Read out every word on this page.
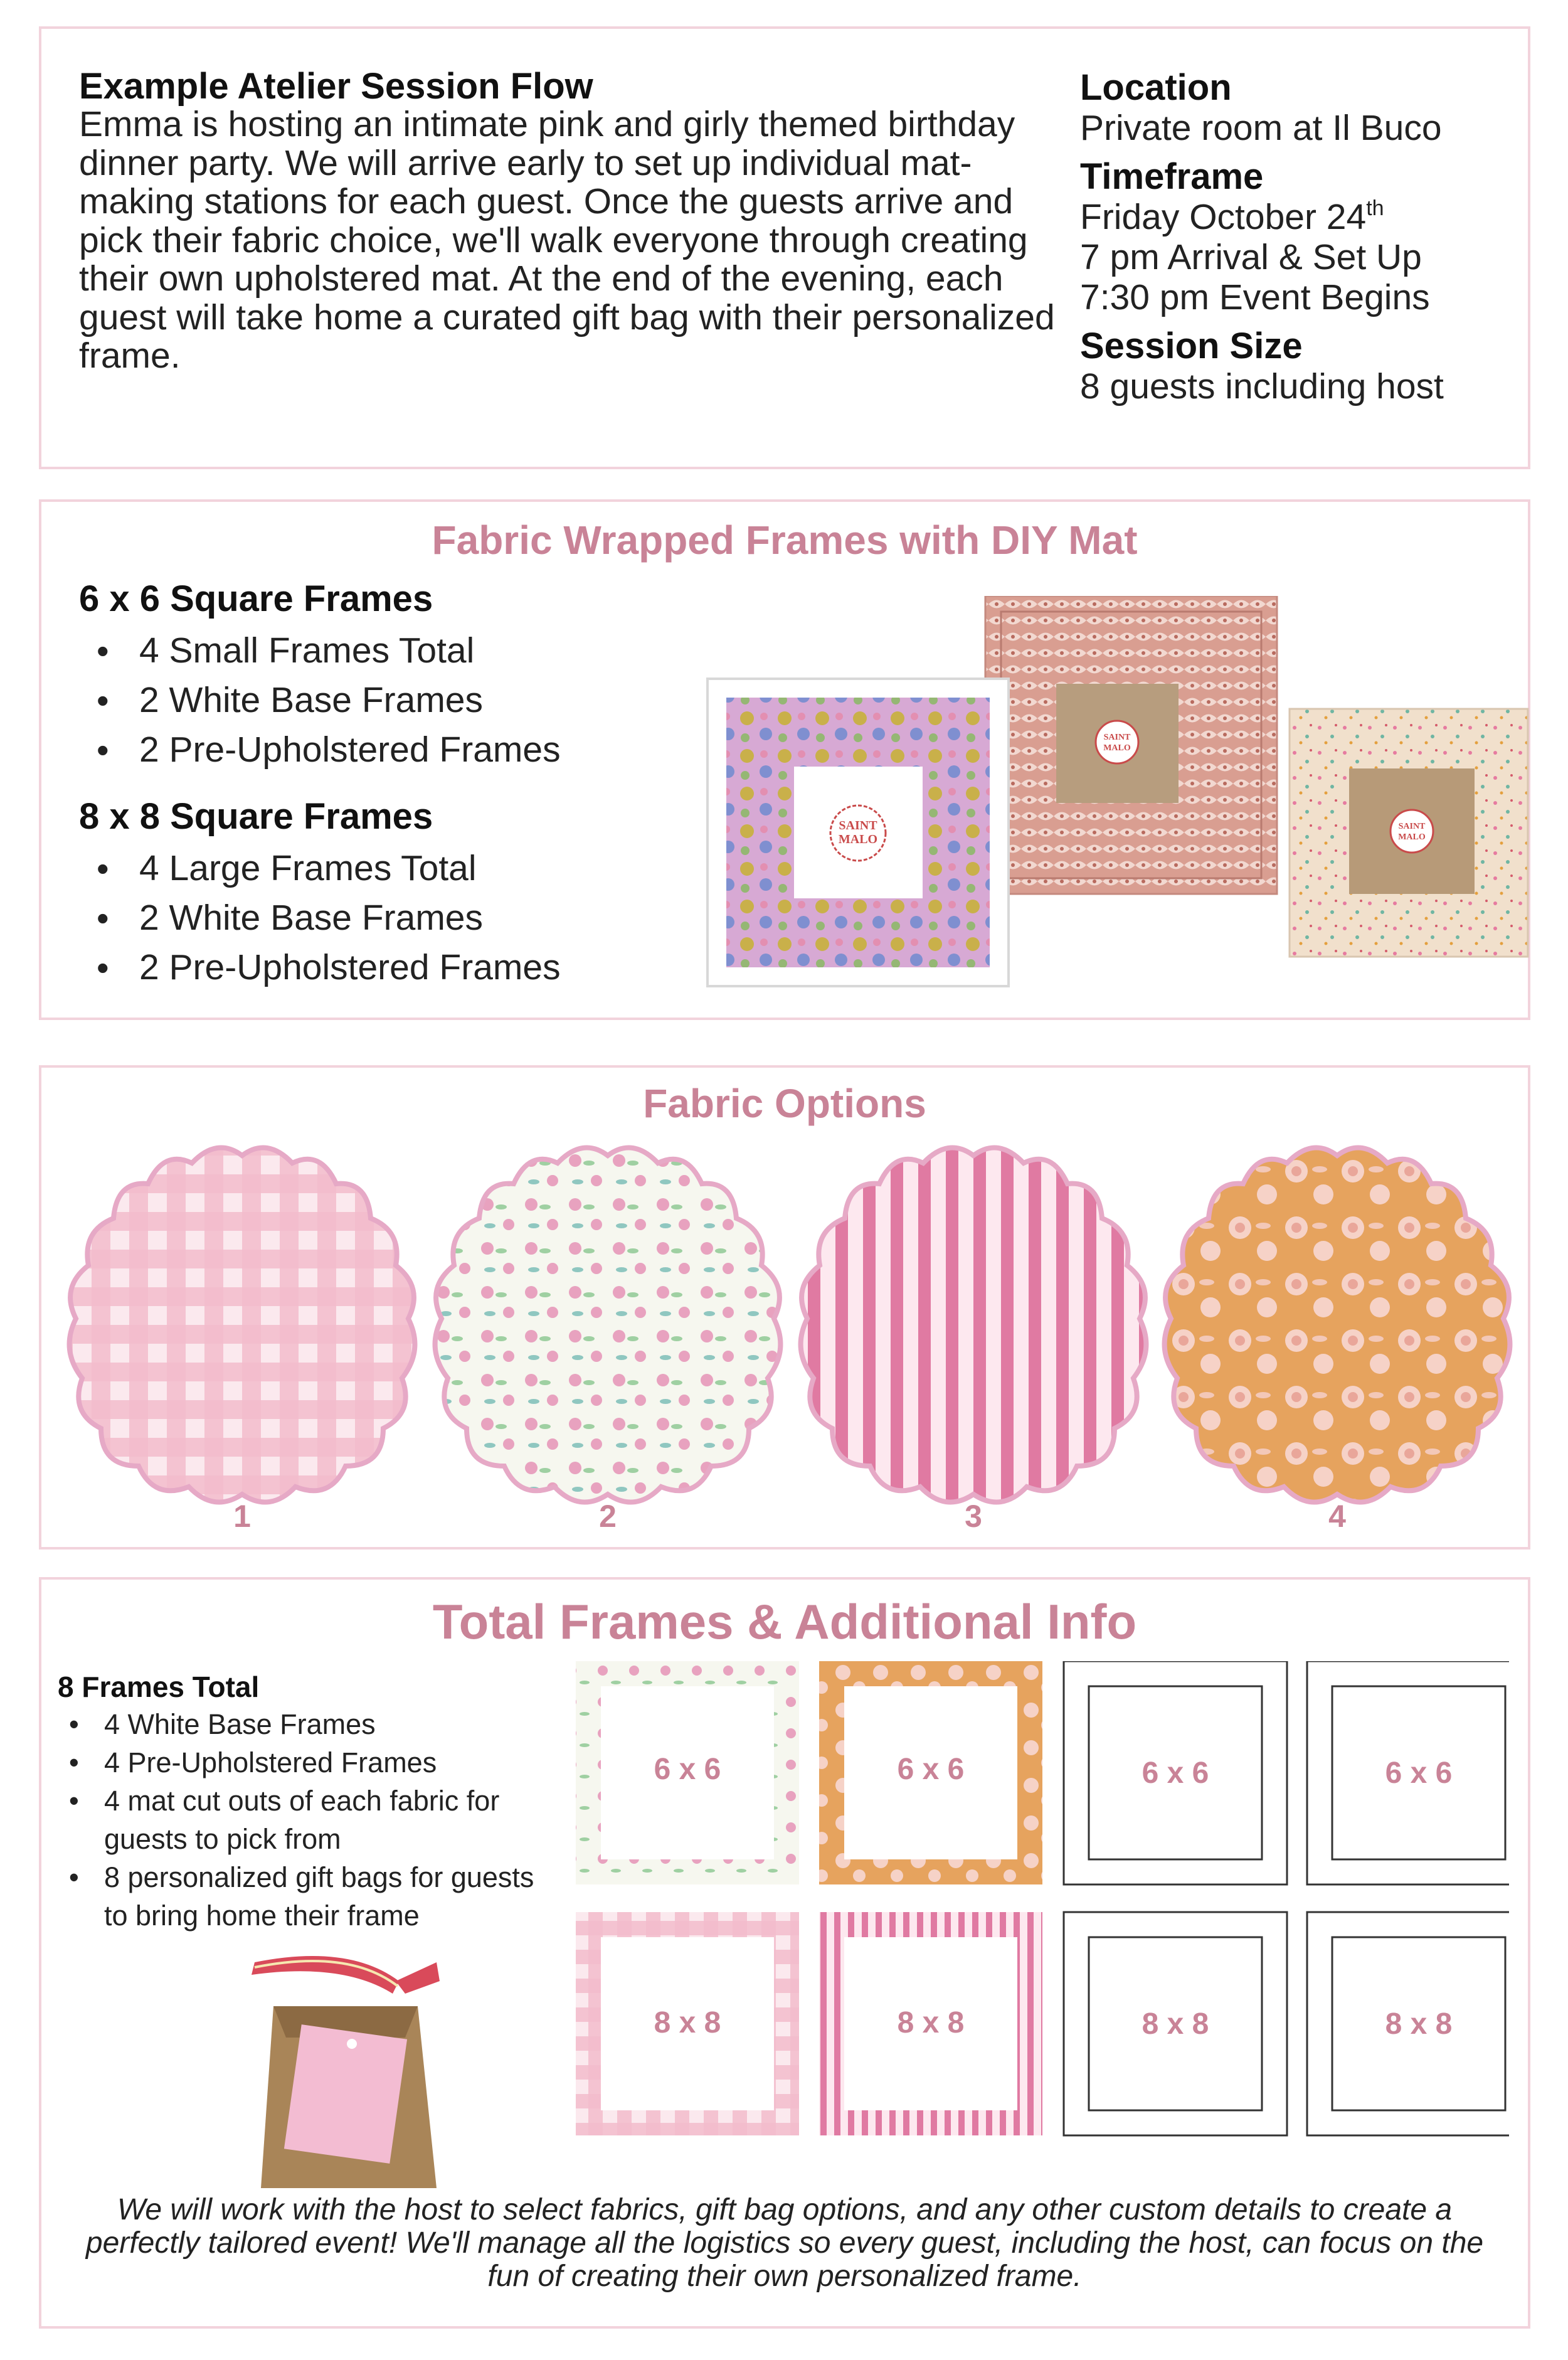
Example Atelier Session Flow

Emma is hosting an intimate pink and girly themed birthday dinner party. We will arrive early to set up individual mat-making stations for each guest. Once the guests arrive and pick their fabric choice, we'll walk everyone through creating their own upholstered mat. At the end of the evening, each guest will take home a curated gift bag with their personalized frame.

Location
Private room at Il Buco
Timeframe
Friday October 24th
7 pm Arrival & Set Up
7:30 pm Event Begins
Session Size
8 guests including host
Fabric Wrapped Frames with DIY Mat
6 x 6 Square Frames
• 4 Small Frames Total
• 2 White Base Frames
• 2 Pre-Upholstered Frames
8 x 8 Square Frames
• 4 Large Frames Total
• 2 White Base Frames
• 2 Pre-Upholstered Frames
SAINT
MALO
SAINT
MALO
SAINT
MALO
Fabric Options
1	2	3	4
Total Frames & Additional Info
8 Frames Total
• 4 White Base Frames
• 4 Pre-Upholstered Frames
• 4 mat cut outs of each fabric for guests to pick from
• 8 personalized gift bags for guests to bring home their frame
6 x 6	6 x 6	6 x 6	6 x 6
8 x 8	8 x 8	8 x 8	8 x 8

We will work with the host to select fabrics, gift bag options, and any other custom details to create a perfectly tailored event! We'll manage all the logistics so every guest, including the host, can focus on the fun of creating their own personalized frame.
